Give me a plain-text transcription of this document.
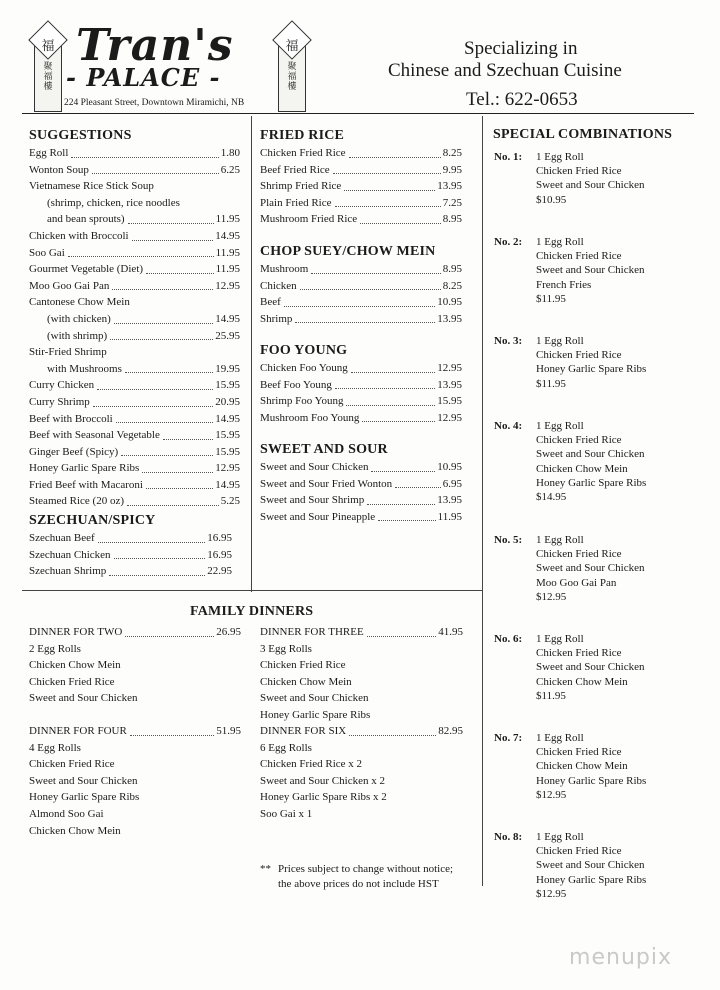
福
聚
福
樓
福
聚
福
樓
Tran's
- PALACE -
224 Pleasant Street, Downtown Miramichi, NB
Specializing in
Chinese and Szechuan Cuisine
Tel.: 622-0653
SUGGESTIONS
Egg Roll	1.80
Wonton Soup	6.25
Vietnamese Rice Stick Soup
(shrimp, chicken, rice noodles
and bean sprouts)	11.95
Chicken with Broccoli	14.95
Soo Gai	11.95
Gourmet Vegetable (Diet)	11.95
Moo Goo Gai Pan	12.95
Cantonese Chow Mein
(with chicken)	14.95
(with shrimp)	25.95
Stir-Fried Shrimp
with Mushrooms	19.95
Curry Chicken	15.95
Curry Shrimp	20.95
Beef with Broccoli	14.95
Beef with Seasonal Vegetable	15.95
Ginger Beef (Spicy)	15.95
Honey Garlic Spare Ribs	12.95
Fried Beef with Macaroni	14.95
Steamed Rice (20 oz)	5.25
SZECHUAN/SPICY
Szechuan Beef	16.95
Szechuan Chicken	16.95
Szechuan Shrimp	22.95
FRIED RICE
Chicken Fried Rice	8.25
Beef Fried Rice	9.95
Shrimp Fried Rice	13.95
Plain Fried Rice	7.25
Mushroom Fried Rice	8.95
CHOP SUEY/CHOW MEIN
Mushroom	8.95
Chicken	8.25
Beef	10.95
Shrimp	13.95
FOO YOUNG
Chicken Foo Young	12.95
Beef Foo Young	13.95
Shrimp Foo Young	15.95
Mushroom Foo Young	12.95
SWEET AND SOUR
Sweet and Sour Chicken	10.95
Sweet and Sour Fried Wonton	6.95
Sweet and Sour Shrimp	13.95
Sweet and Sour Pineapple	11.95
FAMILY DINNERS
DINNER FOR TWO	26.95
2 Egg Rolls
Chicken Chow Mein
Chicken Fried Rice
Sweet and Sour Chicken
DINNER FOR THREE	41.95
3 Egg Rolls
Chicken Fried Rice
Chicken Chow Mein
Sweet and Sour Chicken
Honey Garlic Spare Ribs
DINNER FOR FOUR	51.95
4 Egg Rolls
Chicken Fried Rice
Sweet and Sour Chicken
Honey Garlic Spare Ribs
Almond Soo Gai
Chicken Chow Mein
DINNER FOR SIX	82.95
6 Egg Rolls
Chicken Fried Rice x 2
Sweet and Sour Chicken x 2
Honey Garlic Spare Ribs x 2
Soo Gai x 1
** Prices subject to change without notice;
the above prices do not include HST
SPECIAL COMBINATIONS
No. 1:	1 Egg Roll
Chicken Fried Rice
Sweet and Sour Chicken
$10.95
No. 2:	1 Egg Roll
Chicken Fried Rice
Sweet and Sour Chicken
French Fries
$11.95
No. 3:	1 Egg Roll
Chicken Fried Rice
Honey Garlic Spare Ribs
$11.95
No. 4:	1 Egg Roll
Chicken Fried Rice
Sweet and Sour Chicken
Chicken Chow Mein
Honey Garlic Spare Ribs
$14.95
No. 5:	1 Egg Roll
Chicken Fried Rice
Sweet and Sour Chicken
Moo Goo Gai Pan
$12.95
No. 6:	1 Egg Roll
Chicken Fried Rice
Sweet and Sour Chicken
Chicken Chow Mein
$11.95
No. 7:	1 Egg Roll
Chicken Fried Rice
Chicken Chow Mein
Honey Garlic Spare Ribs
$12.95
No. 8:	1 Egg Roll
Chicken Fried Rice
Sweet and Sour Chicken
Honey Garlic Spare Ribs
$12.95
menupix
